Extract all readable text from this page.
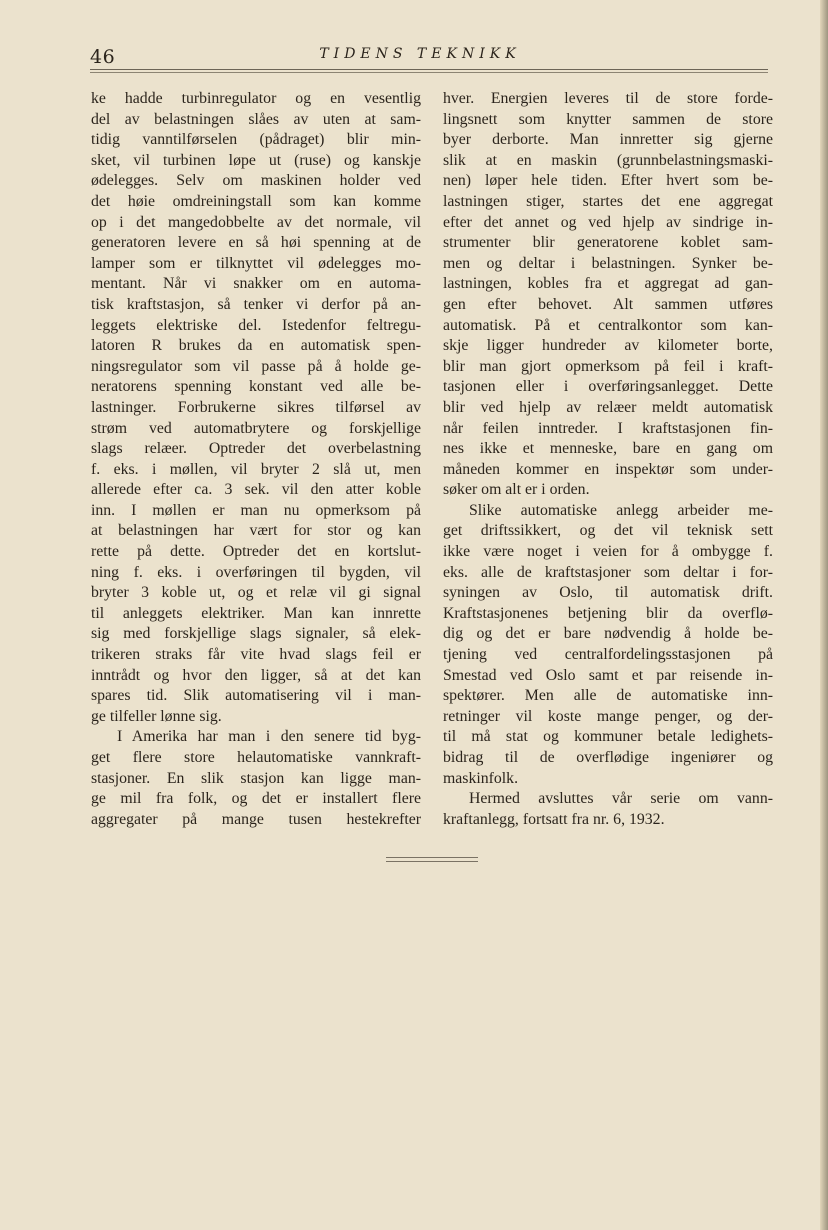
46	TIDENS TEKNIKK
ke hadde turbinregulator og en vesentlig
del av belastningen slåes av uten at sam-
tidig vanntilførselen (pådraget) blir min-
sket, vil turbinen løpe ut (ruse) og kanskje
ødelegges. Selv om maskinen holder ved
det høie omdreiningstall som kan komme
op i det mangedobbelte av det normale, vil
generatoren levere en så høi spenning at de
lamper som er tilknyttet vil ødelegges mo-
mentant. Når vi snakker om en automa-
tisk kraftstasjon, så tenker vi derfor på an-
leggets elektriske del. Istedenfor feltregu-
latoren R brukes da en automatisk spen-
ningsregulator som vil passe på å holde ge-
neratorens spenning konstant ved alle be-
lastninger. Forbrukerne sikres tilførsel av
strøm ved automatbrytere og forskjellige
slags relæer. Optreder det overbelastning
f. eks. i møllen, vil bryter 2 slå ut, men
allerede efter ca. 3 sek. vil den atter koble
inn. I møllen er man nu opmerksom på
at belastningen har vært for stor og kan
rette på dette. Optreder det en kortslut-
ning f. eks. i overføringen til bygden, vil
bryter 3 koble ut, og et relæ vil gi signal
til anleggets elektriker. Man kan innrette
sig med forskjellige slags signaler, så elek-
trikeren straks får vite hvad slags feil er
inntrådt og hvor den ligger, så at det kan
spares tid. Slik automatisering vil i man-
ge tilfeller lønne sig.
I Amerika har man i den senere tid byg-
get flere store helautomatiske vannkraft-
stasjoner. En slik stasjon kan ligge man-
ge mil fra folk, og det er installert flere
aggregater på mange tusen hestekrefter
hver. Energien leveres til de store forde-
lingsnett som knytter sammen de store
byer derborte. Man innretter sig gjerne
slik at en maskin (grunnbelastningsmaski-
nen) løper hele tiden. Efter hvert som be-
lastningen stiger, startes det ene aggregat
efter det annet og ved hjelp av sindrige in-
strumenter blir generatorene koblet sam-
men og deltar i belastningen. Synker be-
lastningen, kobles fra et aggregat ad gan-
gen efter behovet. Alt sammen utføres
automatisk. På et centralkontor som kan-
skje ligger hundreder av kilometer borte,
blir man gjort opmerksom på feil i kraft-
tasjonen eller i overføringsanlegget. Dette
blir ved hjelp av relæer meldt automatisk
når feilen inntreder. I kraftstasjonen fin-
nes ikke et menneske, bare en gang om
måneden kommer en inspektør som under-
søker om alt er i orden.
Slike automatiske anlegg arbeider me-
get driftssikkert, og det vil teknisk sett
ikke være noget i veien for å ombygge f.
eks. alle de kraftstasjoner som deltar i for-
syningen av Oslo, til automatisk drift.
Kraftstasjonenes betjening blir da overflø-
dig og det er bare nødvendig å holde be-
tjening ved centralfordelingsstasjonen på
Smestad ved Oslo samt et par reisende in-
spektører. Men alle de automatiske inn-
retninger vil koste mange penger, og der-
til må stat og kommuner betale ledighets-
bidrag til de overflødige ingeniører og
maskinfolk.
Hermed avsluttes vår serie om vann-
kraftanlegg, fortsatt fra nr. 6, 1932.
